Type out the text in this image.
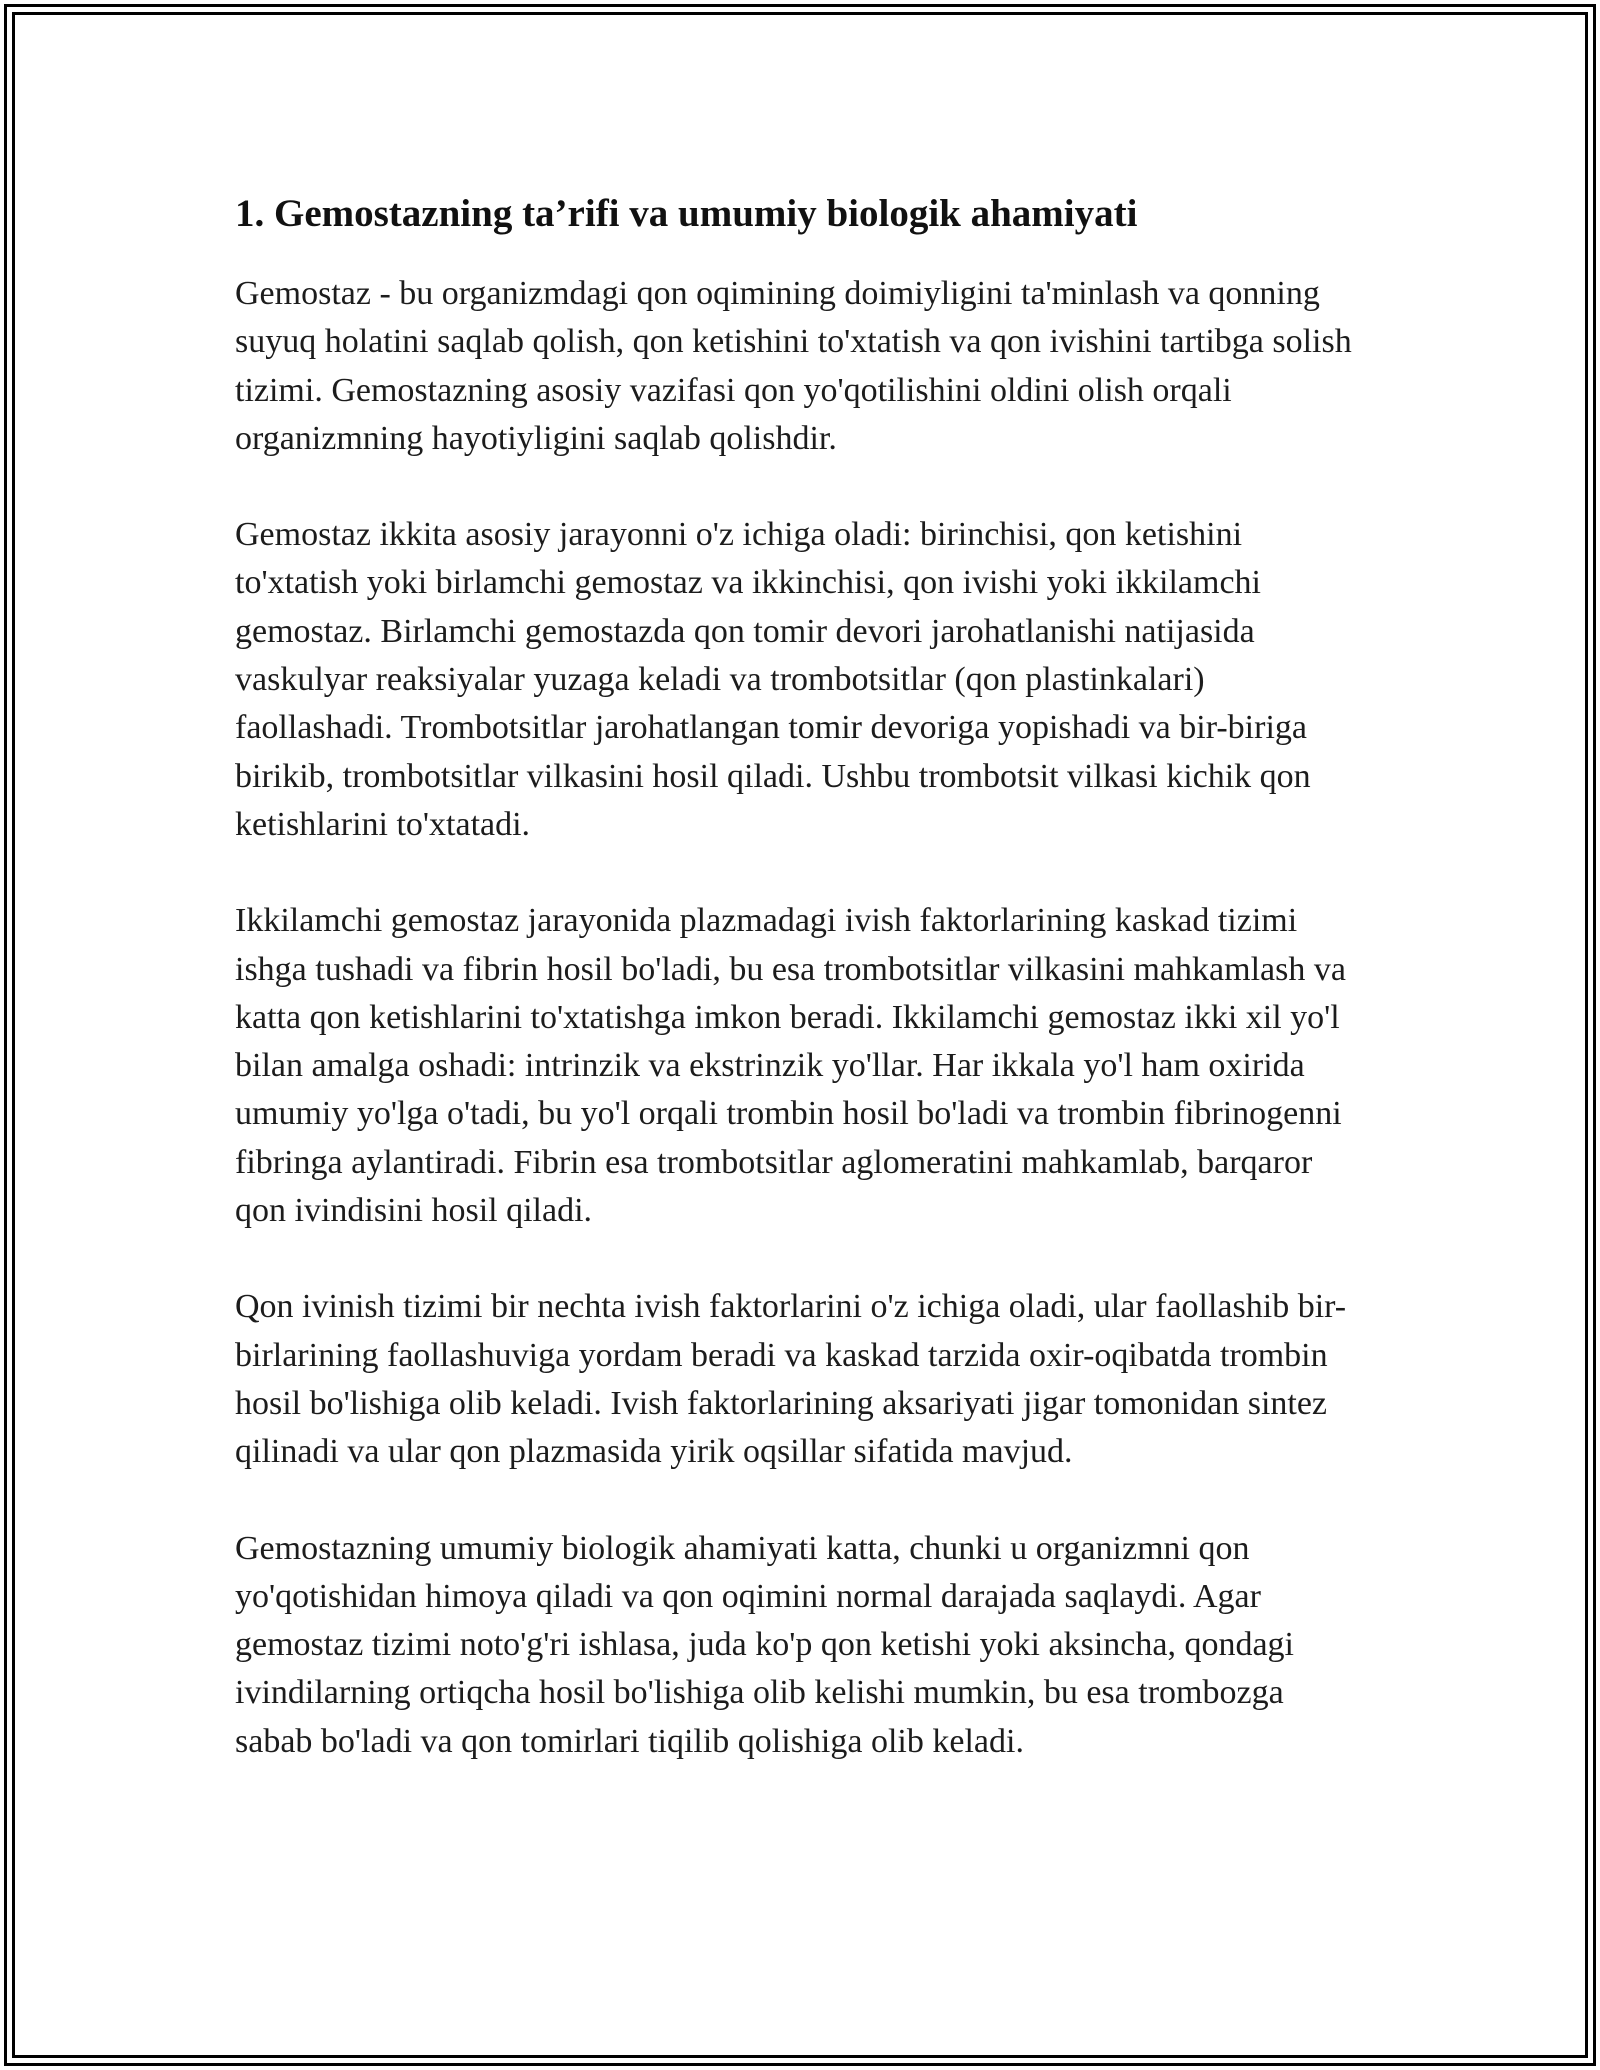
1. Gemostazning ta’rifi va umumiy biologik ahamiyati

Gemostaz - bu organizmdagi qon oqimining doimiyligini ta'minlash va qonning suyuq holatini saqlab qolish, qon ketishini to'xtatish va qon ivishini tartibga solish tizimi. Gemostazning asosiy vazifasi qon yo'qotilishini oldini olish orqali organizmning hayotiyligini saqlab qolishdir.

Gemostaz ikkita asosiy jarayonni o'z ichiga oladi: birinchisi, qon ketishini to'xtatish yoki birlamchi gemostaz va ikkinchisi, qon ivishi yoki ikkilamchi gemostaz. Birlamchi gemostazda qon tomir devori jarohatlanishi natijasida vaskulyar reaksiyalar yuzaga keladi va trombotsitlar (qon plastinkalari) faollashadi. Trombotsitlar jarohatlangan tomir devoriga yopishadi va bir-biriga birikib, trombotsitlar vilkasini hosil qiladi. Ushbu trombotsit vilkasi kichik qon ketishlarini to'xtatadi.

Ikkilamchi gemostaz jarayonida plazmadagi ivish faktorlarining kaskad tizimi ishga tushadi va fibrin hosil bo'ladi, bu esa trombotsitlar vilkasini mahkamlash va katta qon ketishlarini to'xtatishga imkon beradi. Ikkilamchi gemostaz ikki xil yo'l bilan amalga oshadi: intrinzik va ekstrinzik yo'llar. Har ikkala yo'l ham oxirida umumiy yo'lga o'tadi, bu yo'l orqali trombin hosil bo'ladi va trombin fibrinogenni fibringa aylantiradi. Fibrin esa trombotsitlar aglomeratini mahkamlab, barqaror qon ivindisini hosil qiladi.

Qon ivinish tizimi bir nechta ivish faktorlarini o'z ichiga oladi, ular faollashib bir-birlarining faollashuviga yordam beradi va kaskad tarzida oxir-oqibatda trombin hosil bo'lishiga olib keladi. Ivish faktorlarining aksariyati jigar tomonidan sintez qilinadi va ular qon plazmasida yirik oqsillar sifatida mavjud.

Gemostazning umumiy biologik ahamiyati katta, chunki u organizmni qon yo'qotishidan himoya qiladi va qon oqimini normal darajada saqlaydi. Agar gemostaz tizimi noto'g'ri ishlasa, juda ko'p qon ketishi yoki aksincha, qondagi ivindilarning ortiqcha hosil bo'lishiga olib kelishi mumkin, bu esa trombozga sabab bo'ladi va qon tomirlari tiqilib qolishiga olib keladi.
